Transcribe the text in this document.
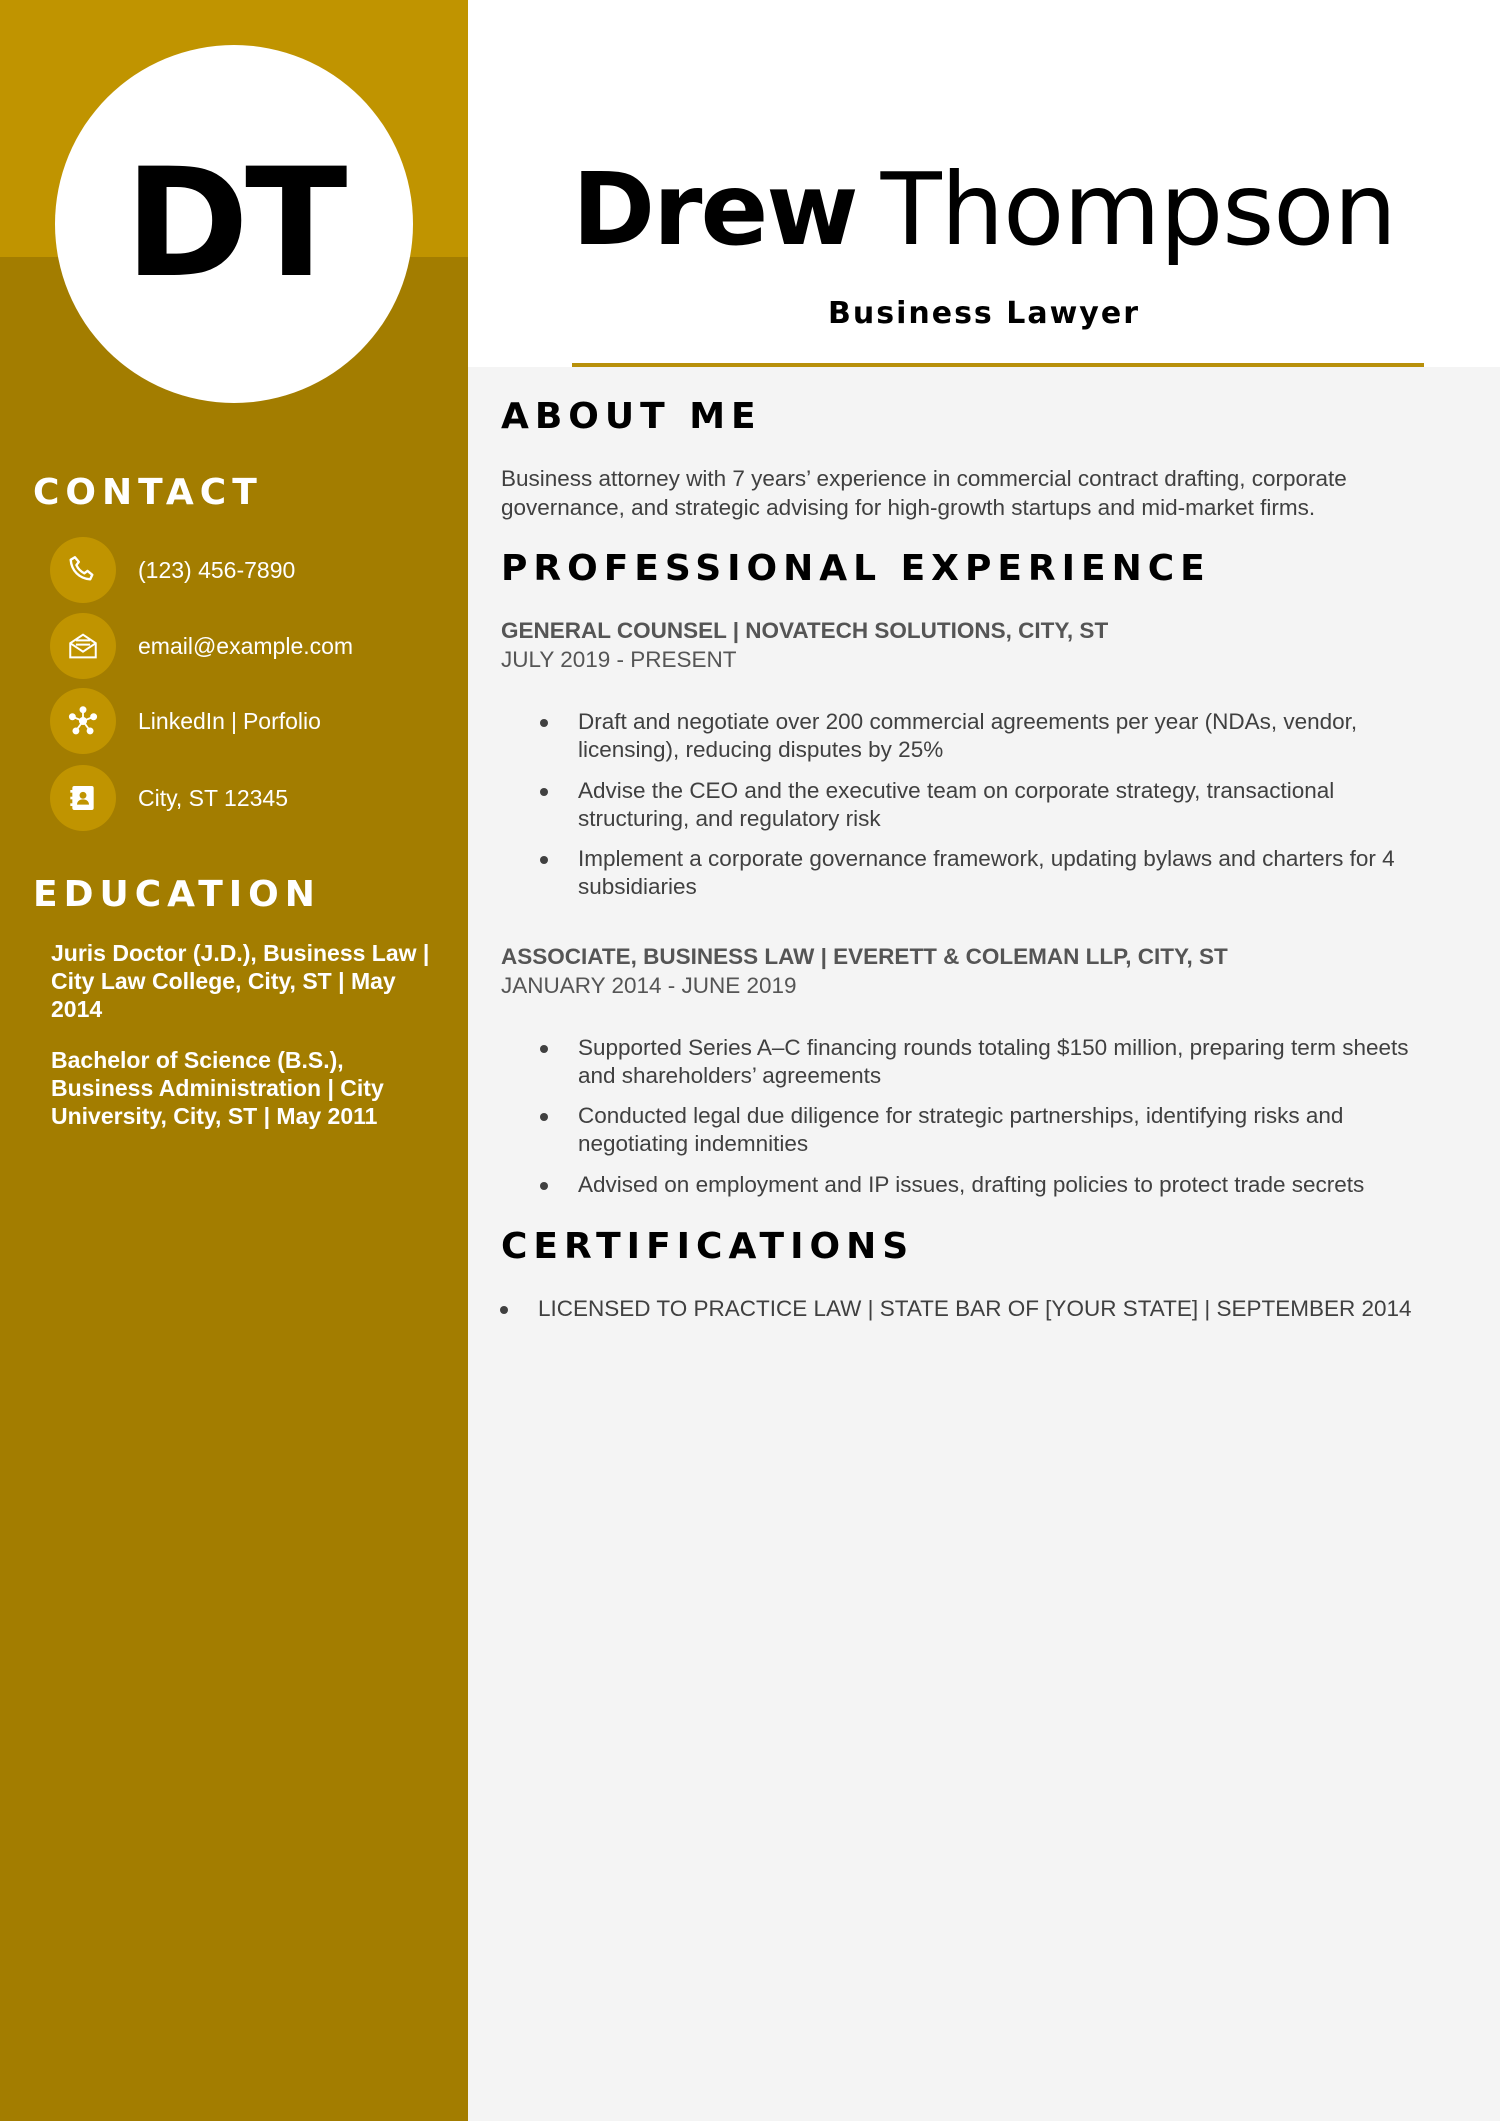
DT
CONTACT
(123) 456-7890
email@example.com
LinkedIn | Porfolio
City, ST 12345
EDUCATION
Juris Doctor (J.D.), Business Law | City Law College, City, ST | May 2014
Bachelor of Science (B.S.), Business Administration | City University, City, ST | May 2011
Drew Thompson
Business Lawyer
ABOUT ME
Business attorney with 7 years’ experience in commercial contract drafting, corporate governance, and strategic advising for high-growth startups and mid-market firms.
PROFESSIONAL EXPERIENCE
GENERAL COUNSEL | NOVATECH SOLUTIONS, CITY, ST
JULY 2019 - PRESENT
Draft and negotiate over 200 commercial agreements per year (NDAs, vendor, licensing), reducing disputes by 25%
Advise the CEO and the executive team on corporate strategy, transactional structuring, and regulatory risk
Implement a corporate governance framework, updating bylaws and charters for 4 subsidiaries
ASSOCIATE, BUSINESS LAW | EVERETT & COLEMAN LLP, CITY, ST
JANUARY 2014 - JUNE 2019
Supported Series A–C financing rounds totaling $150 million, preparing term sheets and shareholders’ agreements
Conducted legal due diligence for strategic partnerships, identifying risks and negotiating indemnities
Advised on employment and IP issues, drafting policies to protect trade secrets
CERTIFICATIONS
LICENSED TO PRACTICE LAW | STATE BAR OF [YOUR STATE] | SEPTEMBER 2014
